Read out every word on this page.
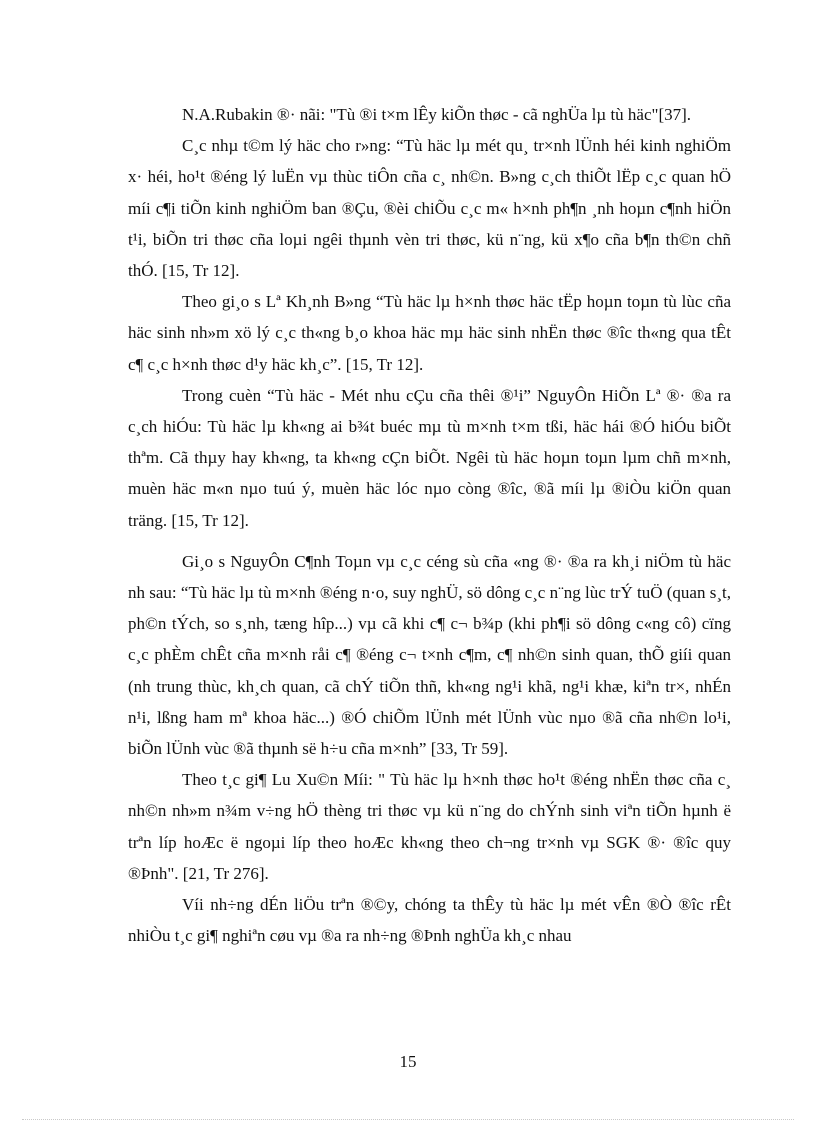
N.A.Rubakin ®· nãi: "Tù ®i t×m lÊy kiÕn thøc - cã nghÜa lµ tù häc"[37].

C¸c nhµ t©m lý häc cho r»ng: “Tù häc lµ mét qu¸ tr×nh lÜnh héi kinh nghiÖm x· héi, ho¹t ®éng lý luËn vµ thùc tiÔn cña c¸ nh©n. B»ng c¸ch thiÕt lËp c¸c quan hÖ míi c¶i tiÕn kinh nghiÖm ban ®Çu, ®èi chiÕu c¸c m« h×nh ph¶n ¸nh hoµn c¶nh hiÖn t¹i, biÕn tri thøc cña loµi ngêi thµnh vèn tri thøc, kü n¨ng, kü x¶o cña b¶n th©n chñ thÓ. [15, Tr 12].

Theo gi¸o s Lª Kh¸nh B»ng “Tù häc lµ h×nh thøc häc tËp hoµn toµn tù lùc cña häc sinh nh»m xö lý c¸c th«ng b¸o khoa häc mµ häc sinh nhËn thøc ®îc th«ng qua tÊt c¶ c¸c h×nh thøc d¹y häc kh¸c”. [15, Tr 12].

Trong cuèn “Tù häc - Mét nhu cÇu cña thêi ®¹i” NguyÔn HiÕn Lª ®· ®a ra c¸ch hiÓu: Tù häc lµ kh«ng ai b¾t buéc mµ tù m×nh t×m tßi, häc hái ®Ó hiÓu biÕt thªm. Cã thµy hay kh«ng, ta kh«ng cÇn biÕt. Ngêi tù häc hoµn toµn lµm chñ m×nh, muèn häc m«n nµo tuú ý, muèn häc lóc nµo còng ®îc, ®ã míi lµ ®iÒu kiÖn quan träng. [15, Tr 12].

Gi¸o s NguyÔn C¶nh Toµn vµ c¸c céng sù cña «ng ®· ®a ra kh¸i niÖm tù häc nh sau: “Tù häc lµ tù m×nh ®éng n·o, suy nghÜ, sö dông c¸c n¨ng lùc trÝ tuÖ (quan s¸t, ph©n tÝch, so s¸nh, tæng hîp...) vµ cã khi c¶ c¬ b¾p (khi ph¶i sö dông c«ng cô) cïng c¸c phÈm chÊt cña m×nh råi c¶ ®éng c¬ t×nh c¶m, c¶ nh©n sinh quan, thÕ giíi quan (nh trung thùc, kh¸ch quan, cã chÝ tiÕn thñ, kh«ng ng¹i khã, ng¹i khæ, kiªn tr×, nhÉn n¹i, lßng ham mª khoa häc...) ®Ó chiÕm lÜnh mét lÜnh vùc nµo ®ã cña nh©n lo¹i, biÕn lÜnh vùc ®ã thµnh së h÷u cña m×nh” [33, Tr 59].

Theo t¸c gi¶ Lu Xu©n Míi: " Tù häc lµ h×nh thøc ho¹t ®éng nhËn thøc cña c¸ nh©n nh»m n¾m v÷ng hÖ thèng tri thøc vµ kü n¨ng do chÝnh sinh viªn tiÕn hµnh ë trªn líp hoÆc ë ngoµi líp theo hoÆc kh«ng theo ch¬ng tr×nh vµ SGK ®· ®îc quy ®Þnh". [21, Tr 276].

Víi nh÷ng dÉn liÖu trªn ®©y, chóng ta thÊy tù häc lµ mét vÊn ®Ò ®îc rÊt nhiÒu t¸c gi¶ nghiªn cøu vµ ®a ra nh÷ng ®Þnh nghÜa kh¸c nhau

15
